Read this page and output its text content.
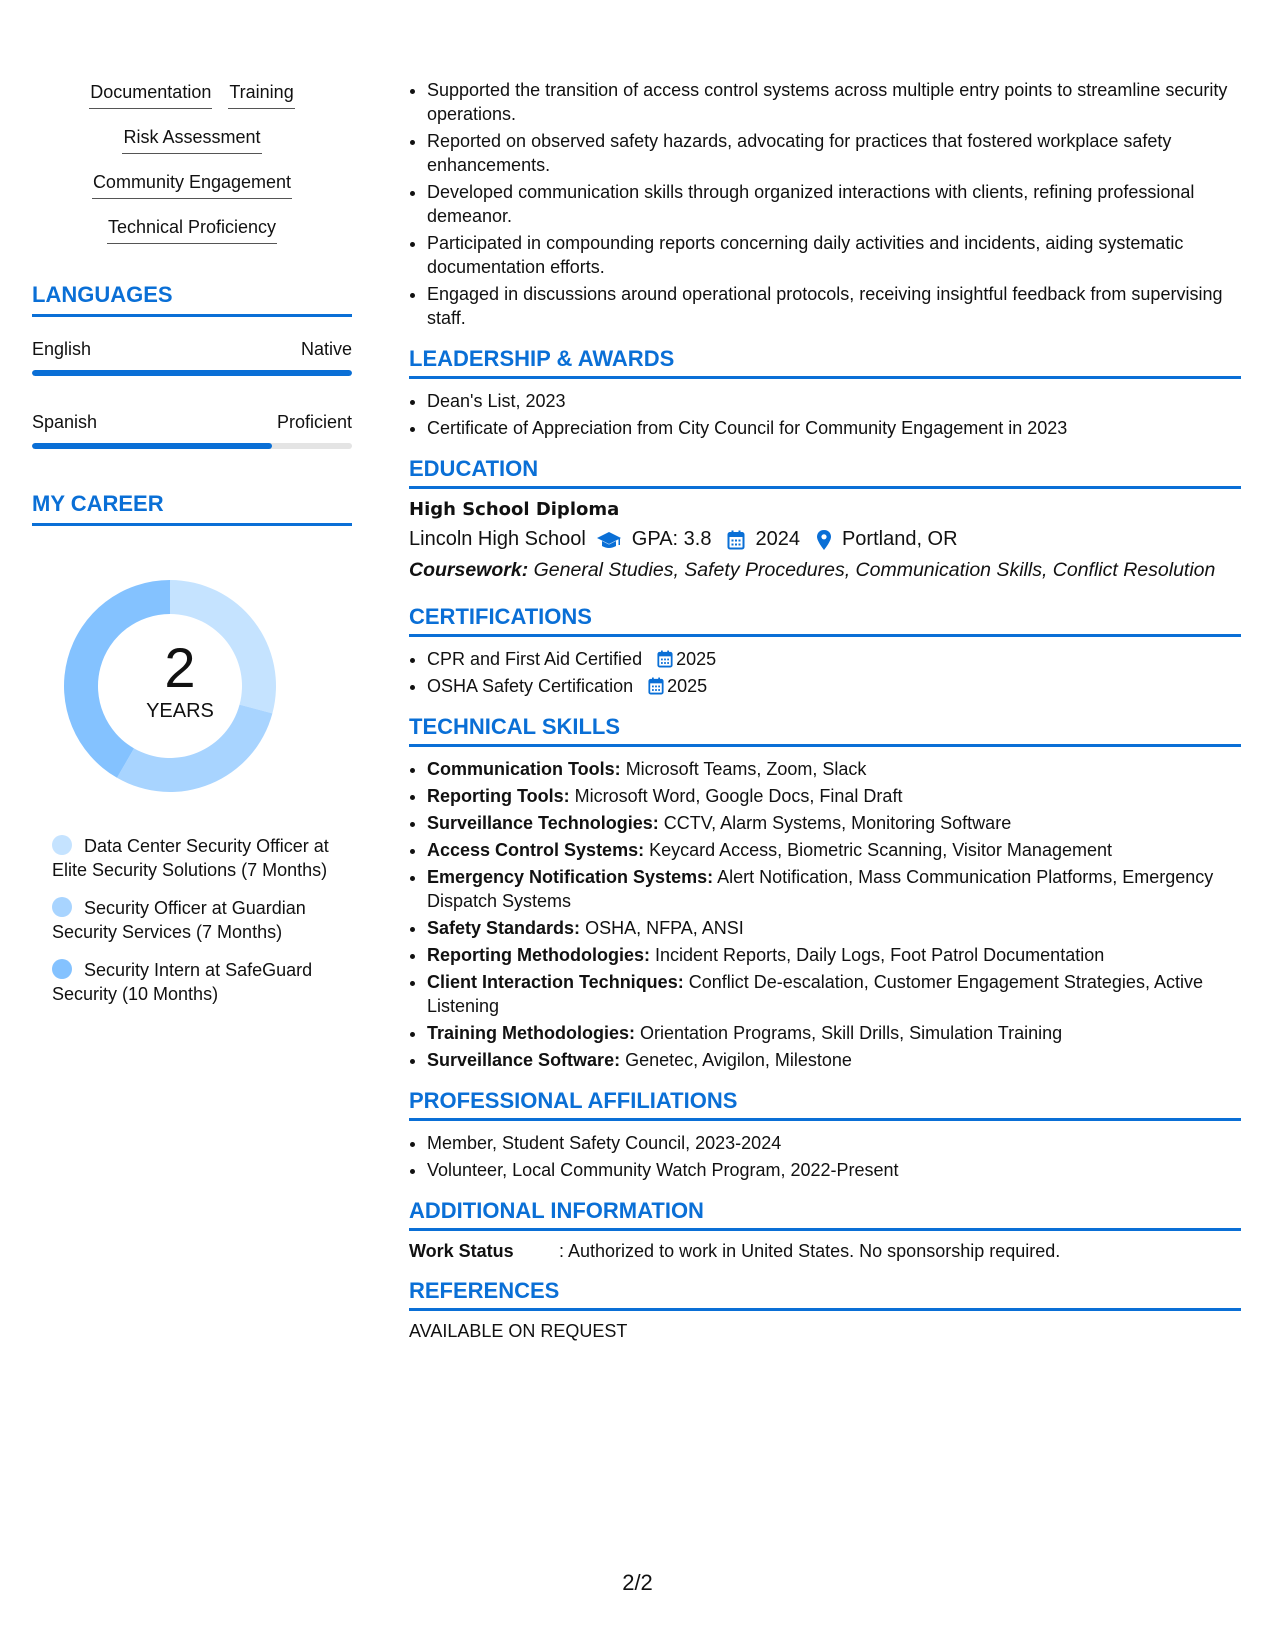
Documentation Training
Risk Assessment
Community Engagement
Technical Proficiency
LANGUAGES
English	Native
Spanish	Proficient
MY CAREER
2
YEARS
Data Center Security Officer at Elite Security Solutions (7 Months)
Security Officer at Guardian Security Services (7 Months)
Security Intern at SafeGuard Security (10 Months)
• Supported the transition of access control systems across multiple entry points to streamline security operations.
• Reported on observed safety hazards, advocating for practices that fostered workplace safety enhancements.
• Developed communication skills through organized interactions with clients, refining professional demeanor.
• Participated in compounding reports concerning daily activities and incidents, aiding systematic documentation efforts.
• Engaged in discussions around operational protocols, receiving insightful feedback from supervising staff.
LEADERSHIP & AWARDS
• Dean's List, 2023
• Certificate of Appreciation from City Council for Community Engagement in 2023
EDUCATION
High School Diploma
Lincoln High School GPA: 3.8 2024 Portland, OR
Coursework: General Studies, Safety Procedures, Communication Skills, Conflict Resolution
CERTIFICATIONS
• CPR and First Aid Certified 2025
• OSHA Safety Certification 2025
TECHNICAL SKILLS
• Communication Tools: Microsoft Teams, Zoom, Slack
• Reporting Tools: Microsoft Word, Google Docs, Final Draft
• Surveillance Technologies: CCTV, Alarm Systems, Monitoring Software
• Access Control Systems: Keycard Access, Biometric Scanning, Visitor Management
• Emergency Notification Systems: Alert Notification, Mass Communication Platforms, Emergency Dispatch Systems
• Safety Standards: OSHA, NFPA, ANSI
• Reporting Methodologies: Incident Reports, Daily Logs, Foot Patrol Documentation
• Client Interaction Techniques: Conflict De-escalation, Customer Engagement Strategies, Active Listening
• Training Methodologies: Orientation Programs, Skill Drills, Simulation Training
• Surveillance Software: Genetec, Avigilon, Milestone
PROFESSIONAL AFFILIATIONS
• Member, Student Safety Council, 2023-2024
• Volunteer, Local Community Watch Program, 2022-Present
ADDITIONAL INFORMATION
Work Status	: Authorized to work in United States. No sponsorship required.
REFERENCES
AVAILABLE ON REQUEST
2/2
